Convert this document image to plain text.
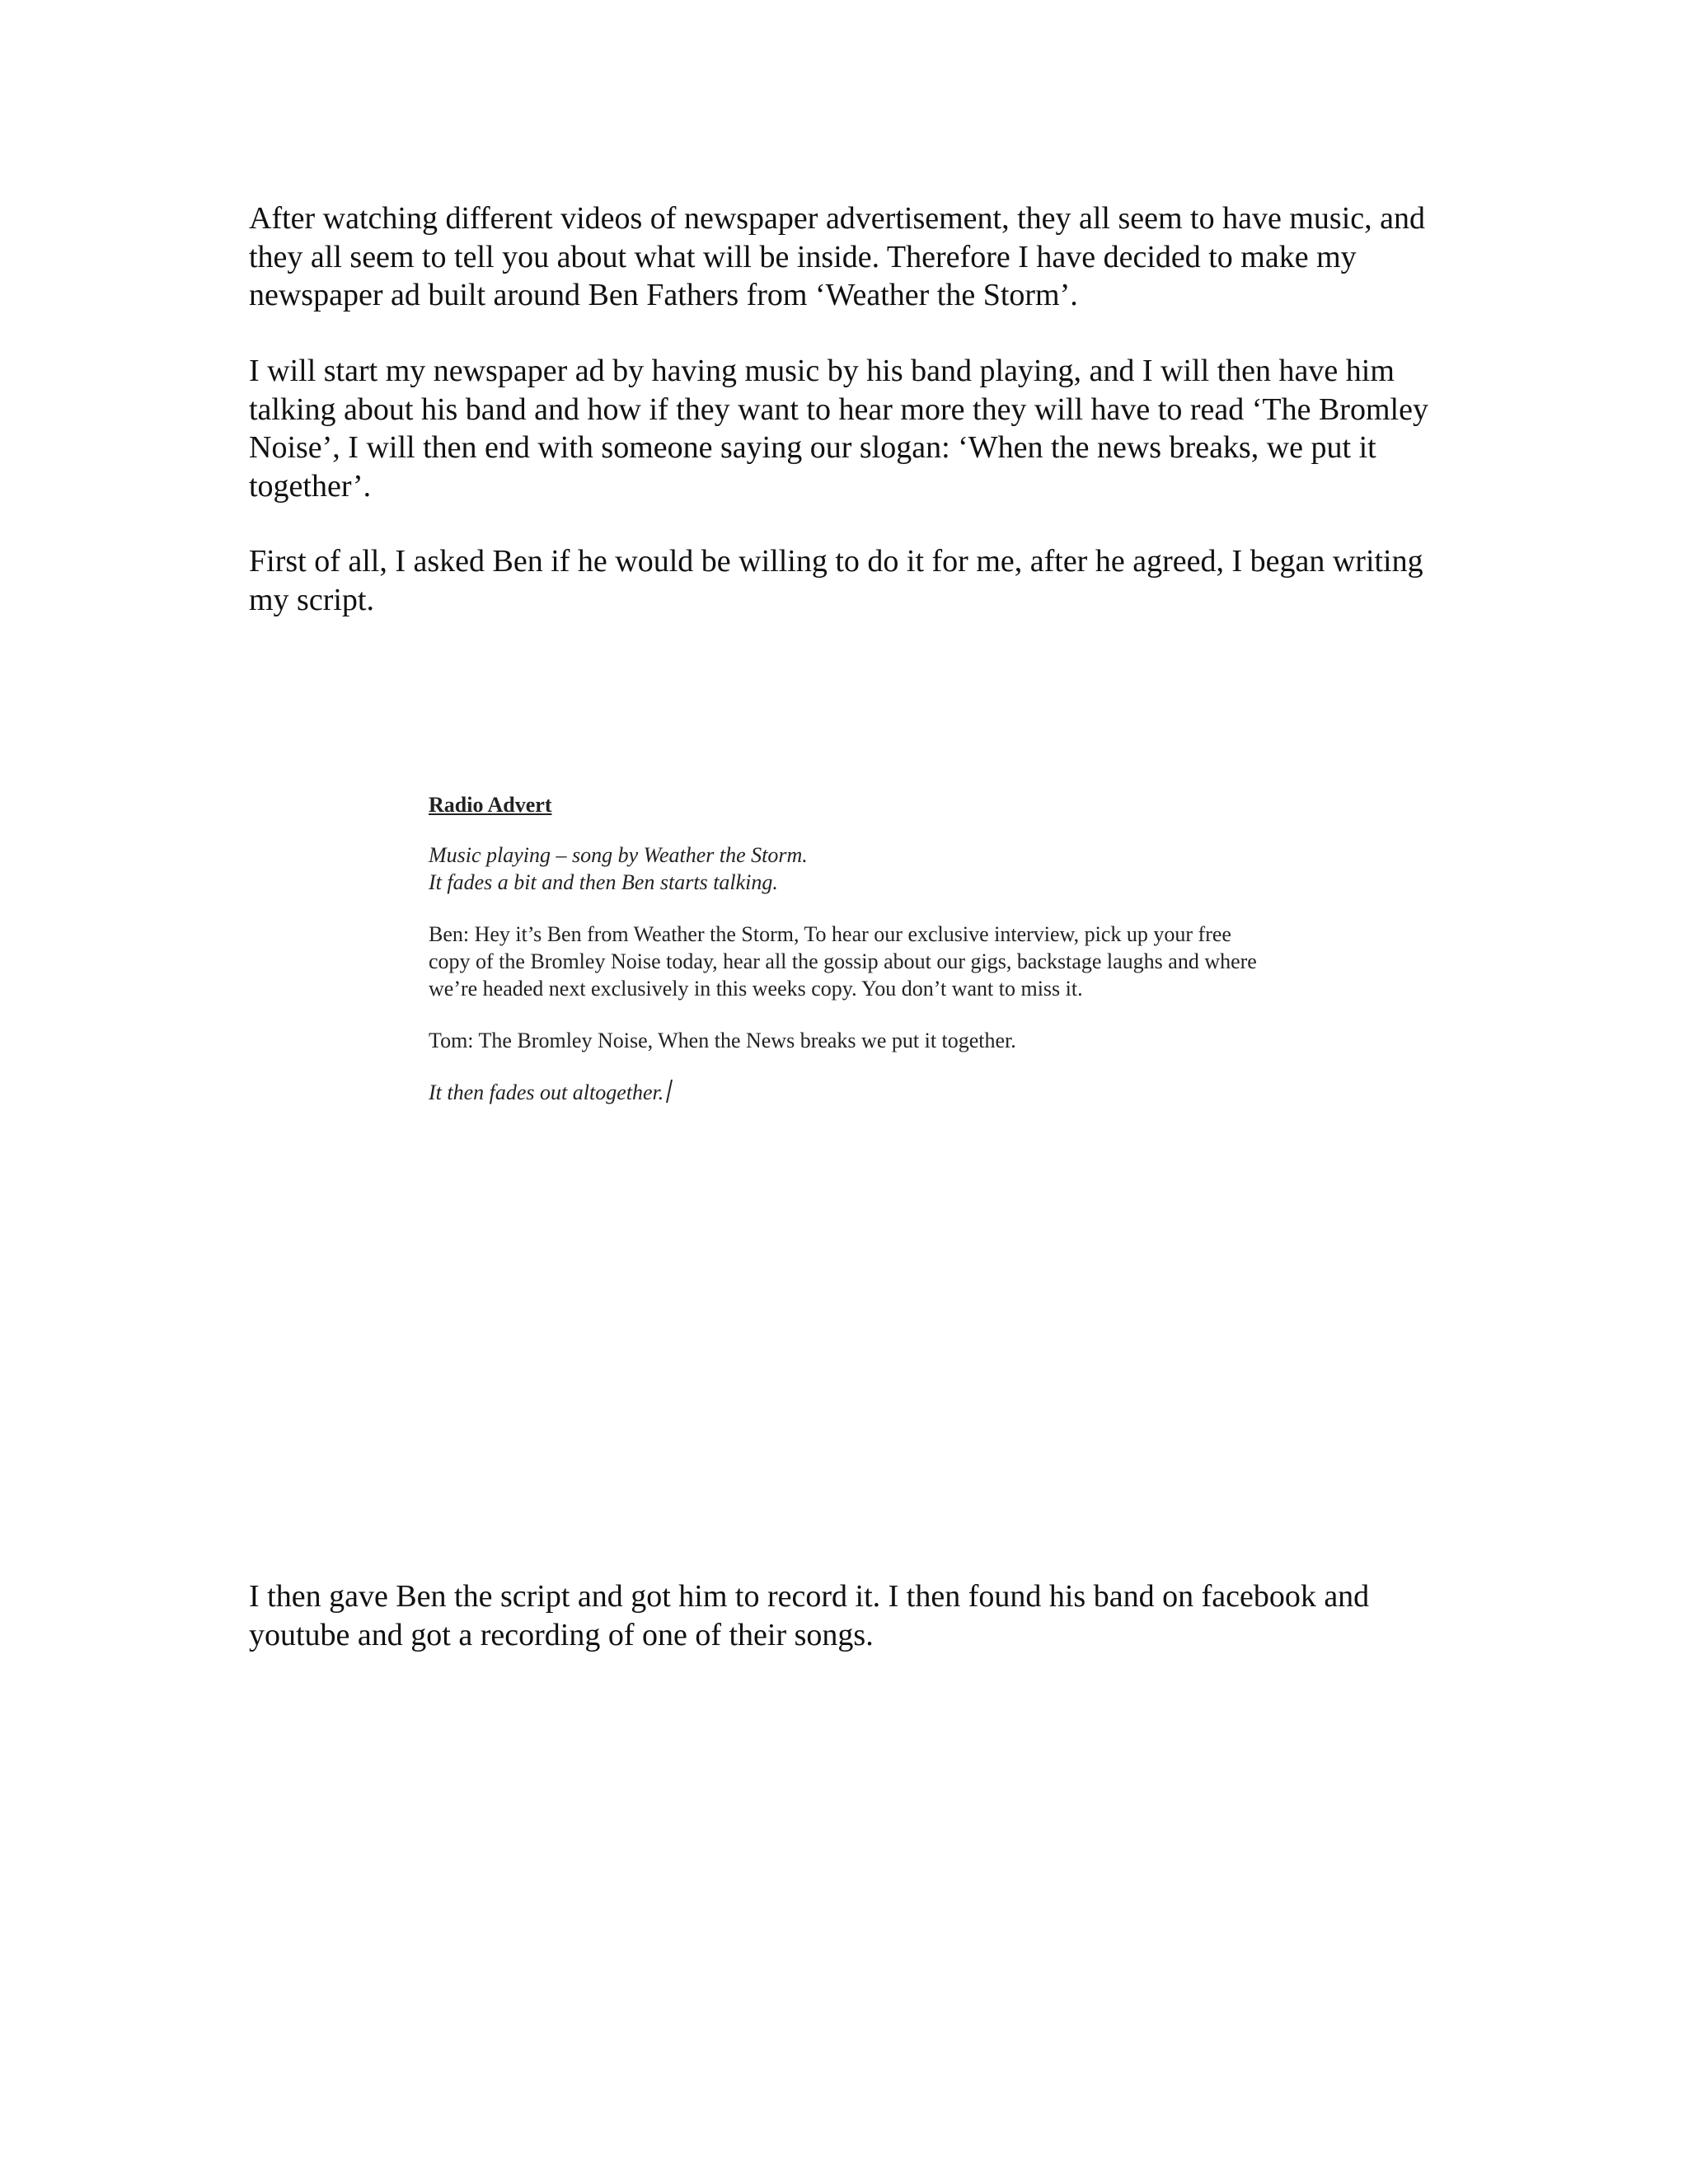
After watching different videos of newspaper advertisement, they all seem to have music, and they all seem to tell you about what will be inside. Therefore I have decided to make my newspaper ad built around Ben Fathers from ‘Weather the Storm’.

I will start my newspaper ad by having music by his band playing, and I will then have him talking about his band and how if they want to hear more they will have to read ‘The Bromley Noise’, I will then end with someone saying our slogan: ‘When the news breaks, we put it together’.

First of all, I asked Ben if he would be willing to do it for me, after he agreed, I began writing my script.

Radio Advert

Music playing – song by Weather the Storm.
It fades a bit and then Ben starts talking.

Ben: Hey it’s Ben from Weather the Storm, To hear our exclusive interview, pick up your free copy of the Bromley Noise today, hear all the gossip about our gigs, backstage laughs and where we’re headed next exclusively in this weeks copy. You don’t want to miss it.

Tom: The Bromley Noise, When the News breaks we put it together.

It then fades out altogether.

I then gave Ben the script and got him to record it. I then found his band on facebook and youtube and got a recording of one of their songs.
